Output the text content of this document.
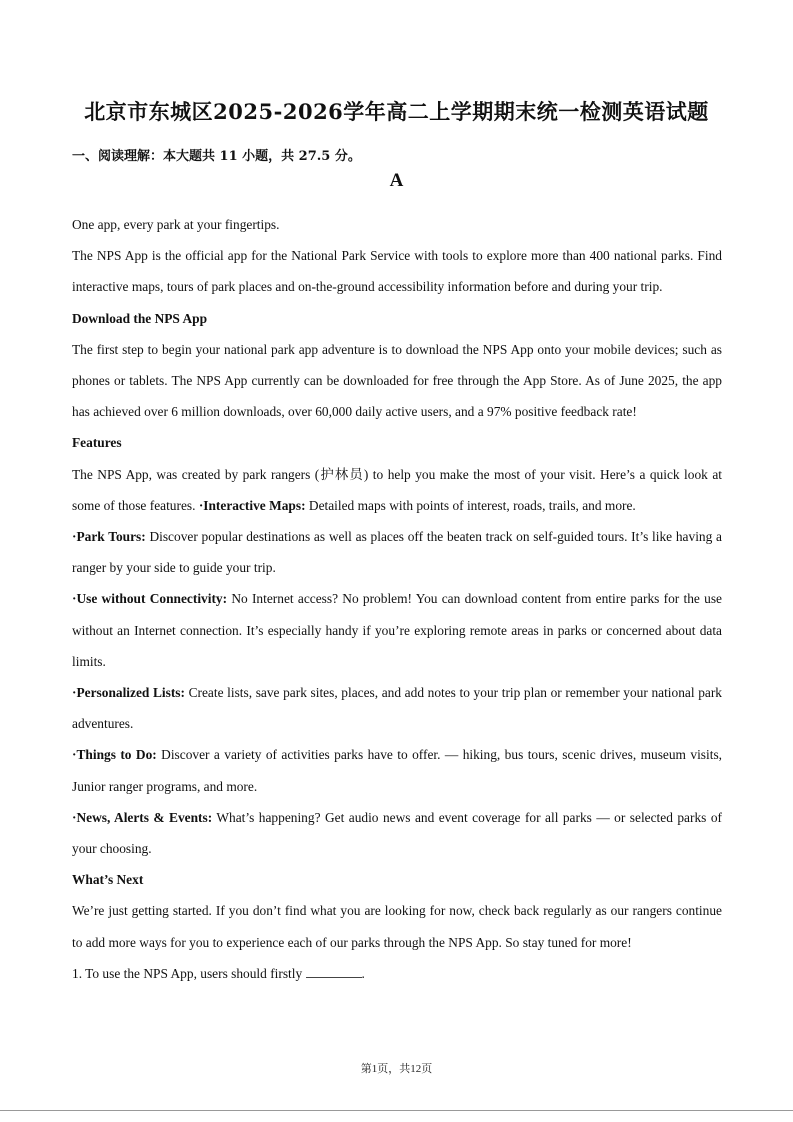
北京市东城区2025-2026学年高二上学期期末统一检测英语试题
一、阅读理解：本大题共 11 小题，共 27.5 分。
A

One app, every park at your fingertips.

The NPS App is the official app for the National Park Service with tools to explore more than 400 national parks. Find interactive maps, tours of park places and on-the-ground accessibility information before and during your trip.

Download the NPS App

The first step to begin your national park app adventure is to download the NPS App onto your mobile devices; such as phones or tablets. The NPS App currently can be downloaded for free through the App Store. As of June 2025, the app has achieved over 6 million downloads, over 60,000 daily active users, and a 97% positive feedback rate!

Features

The NPS App, was created by park rangers (护林员) to help you make the most of your visit. Here’s a quick look at some of those features. ·Interactive Maps: Detailed maps with points of interest, roads, trails, and more.

·Park Tours: Discover popular destinations as well as places off the beaten track on self-guided tours. It’s like having a ranger by your side to guide your trip.

·Use without Connectivity: No Internet access? No problem! You can download content from entire parks for the use without an Internet connection. It’s especially handy if you’re exploring remote areas in parks or concerned about data limits.

·Personalized Lists: Create lists, save park sites, places, and add notes to your trip plan or remember your national park adventures.

·Things to Do: Discover a variety of activities parks have to offer. — hiking, bus tours, scenic drives, museum visits, Junior ranger programs, and more.

·News, Alerts & Events: What’s happening? Get audio news and event coverage for all parks — or selected parks of your choosing.

What’s Next

We’re just getting started. If you don’t find what you are looking for now, check back regularly as our rangers continue to add more ways for you to experience each of our parks through the NPS App. So stay tuned for more!

1. To use the NPS App, users should firstly	.

第1页，共12页
